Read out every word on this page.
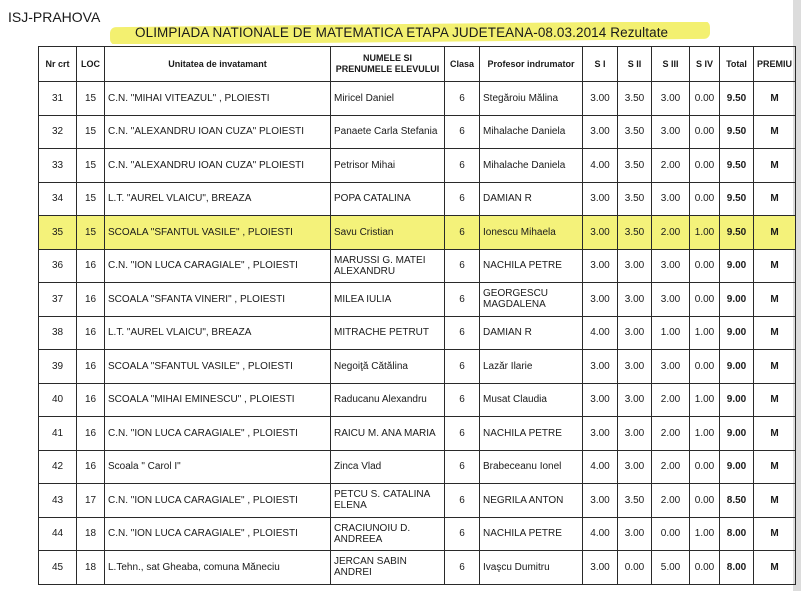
ISJ-PRAHOVA
OLIMPIADA NATIONALE DE MATEMATICA ETAPA JUDETEANA-08.03.2014 Rezultate
Nr crt	LOC	Unitatea de invatamant	NUMELE SI PRENUMELE ELEVULUI	Clasa	Profesor indrumator	S I	S II	S III	S IV	Total	PREMIU
31	15	C.N. "MIHAI VITEAZUL" , PLOIESTI	Miricel Daniel	6	Stegăroiu Mălina	3.00	3.50	3.00	0.00	9.50	M
32	15	C.N. "ALEXANDRU IOAN CUZA" PLOIESTI	Panaete Carla Stefania	6	Mihalache Daniela	3.00	3.50	3.00	0.00	9.50	M
33	15	C.N. "ALEXANDRU IOAN CUZA" PLOIESTI	Petrisor Mihai	6	Mihalache Daniela	4.00	3.50	2.00	0.00	9.50	M
34	15	L.T. "AUREL VLAICU", BREAZA	POPA CATALINA	6	DAMIAN R	3.00	3.50	3.00	0.00	9.50	M
35	15	SCOALA "SFANTUL VASILE" , PLOIESTI	Savu Cristian	6	Ionescu Mihaela	3.00	3.50	2.00	1.00	9.50	M
36	16	C.N. "ION LUCA CARAGIALE" , PLOIESTI	MARUSSI G. MATEI ALEXANDRU	6	NACHILA PETRE	3.00	3.00	3.00	0.00	9.00	M
37	16	SCOALA "SFANTA VINERI" , PLOIESTI	MILEA IULIA	6	GEORGESCU MAGDALENA	3.00	3.00	3.00	0.00	9.00	M
38	16	L.T. "AUREL VLAICU", BREAZA	MITRACHE PETRUT	6	DAMIAN R	4.00	3.00	1.00	1.00	9.00	M
39	16	SCOALA "SFANTUL VASILE" , PLOIESTI	Negoiţă Cătălina	6	Lazăr Ilarie	3.00	3.00	3.00	0.00	9.00	M
40	16	SCOALA "MIHAI EMINESCU" , PLOIESTI	Raducanu Alexandru	6	Musat Claudia	3.00	3.00	2.00	1.00	9.00	M
41	16	C.N. "ION LUCA CARAGIALE" , PLOIESTI	RAICU M. ANA MARIA	6	NACHILA PETRE	3.00	3.00	2.00	1.00	9.00	M
42	16	Scoala " Carol I"	Zinca Vlad	6	Brabeceanu Ionel	4.00	3.00	2.00	0.00	9.00	M
43	17	C.N. "ION LUCA CARAGIALE" , PLOIESTI	PETCU S. CATALINA ELENA	6	NEGRILA ANTON	3.00	3.50	2.00	0.00	8.50	M
44	18	C.N. "ION LUCA CARAGIALE" , PLOIESTI	CRACIUNOIU D. ANDREEA	6	NACHILA PETRE	4.00	3.00	0.00	1.00	8.00	M
45	18	L.Tehn., sat Gheaba, comuna Măneciu	JERCAN SABIN ANDREI	6	Ivaşcu Dumitru	3.00	0.00	5.00	0.00	8.00	M
